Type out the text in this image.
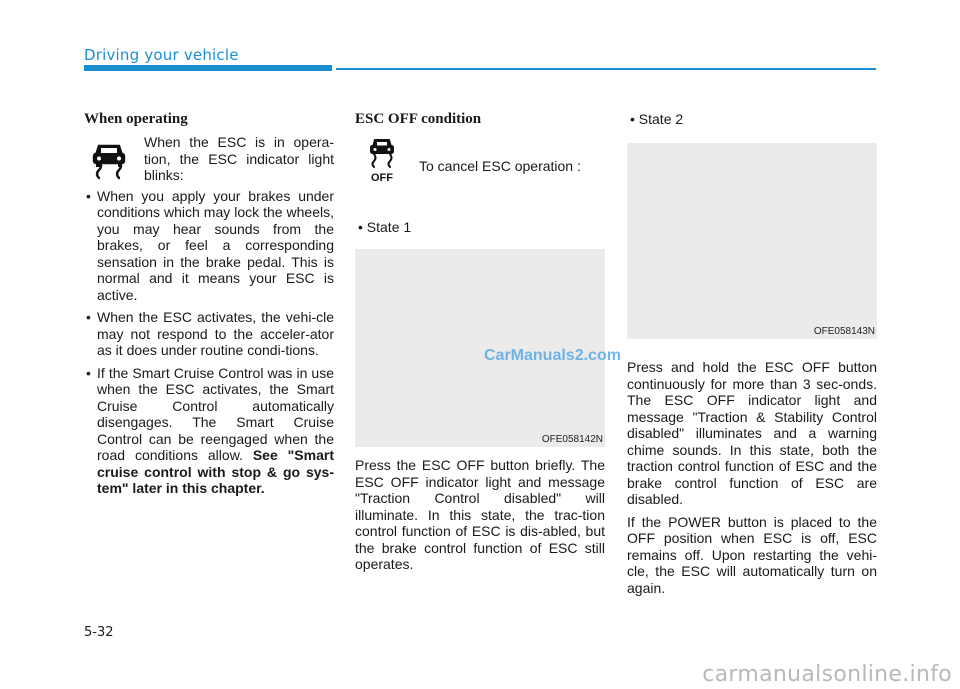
Driving your vehicle
When operating
When the ESC is in opera-tion, the ESC indicator light blinks:
• When you apply your brakes under conditions which may lock the wheels, you may hear sounds from the brakes, or feel a corresponding sensation in the brake pedal. This is normal and it means your ESC is active.
• When the ESC activates, the vehi-cle may not respond to the acceler-ator as it does under routine condi-tions.
• If the Smart Cruise Control was in use when the ESC activates, the Smart Cruise Control automatically disengages. The Smart Cruise Control can be reengaged when the road conditions allow. See "Smart cruise control with stop & go sys-tem" later in this chapter.
ESC OFF condition
OFF
To cancel ESC operation :
• State 1
OFE058142N

Press the ESC OFF button briefly. The ESC OFF indicator light and message "Traction Control disabled" will illuminate. In this state, the trac-tion control function of ESC is dis-abled, but the brake control function of ESC still operates.

• State 2
OFE058143N

Press and hold the ESC OFF button continuously for more than 3 sec-onds. The ESC OFF indicator light and message "Traction & Stability Control disabled" illuminates and a warning chime sounds. In this state, both the traction control function of ESC and the brake control function of ESC are disabled.

If the POWER button is placed to the OFF position when ESC is off, ESC remains off. Upon restarting the vehi-cle, the ESC will automatically turn on again.

CarManuals2.com
5-32
carmanualsonline.info
